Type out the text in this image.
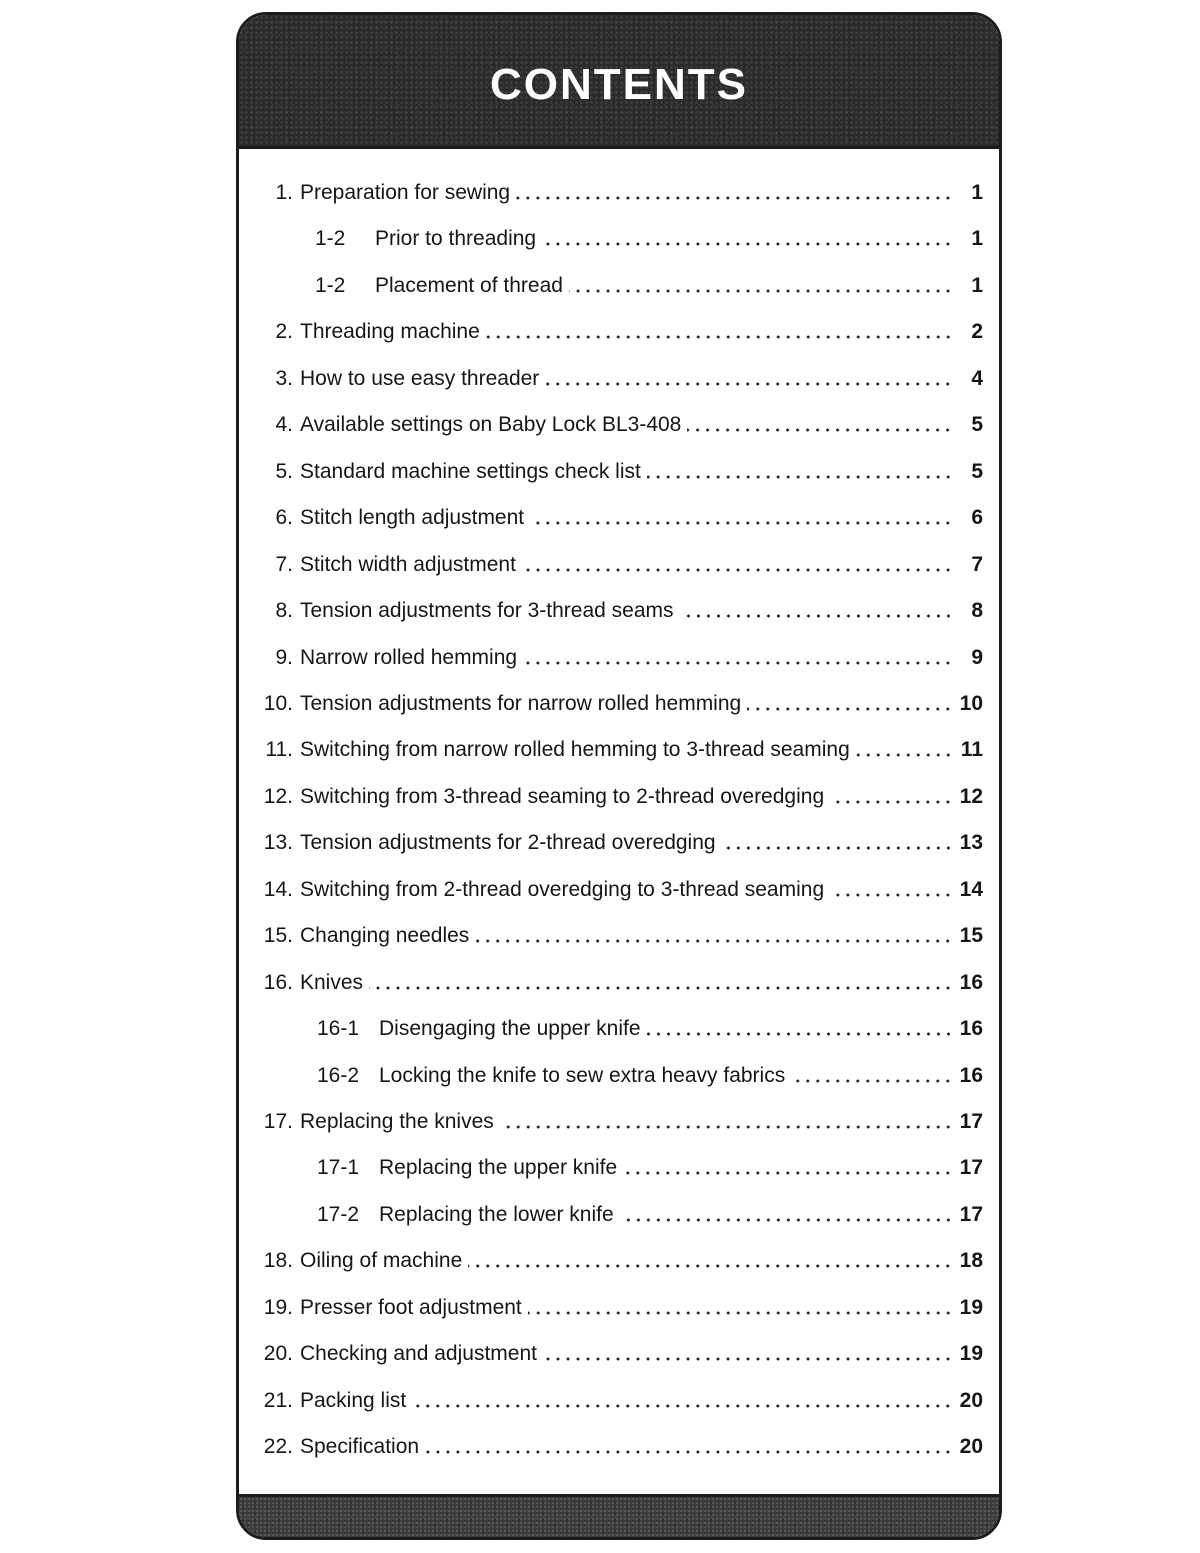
CONTENTS
1. Preparation for sewing	1
1-2	Prior to threading	1
1-2	Placement of thread	1
2. Threading machine	2
3. How to use easy threader	4
4. Available settings on Baby Lock BL3-408	5
5. Standard machine settings check list	5
6. Stitch length adjustment	6
7. Stitch width adjustment	7
8. Tension adjustments for 3-thread seams	8
9. Narrow rolled hemming	9
10. Tension adjustments for narrow rolled hemming	10
11. Switching from narrow rolled hemming to 3-thread seaming	11
12. Switching from 3-thread seaming to 2-thread overedging	12
13. Tension adjustments for 2-thread overedging	13
14. Switching from 2-thread overedging to 3-thread seaming	14
15. Changing needles	15
16. Knives	16
16-1 Disengaging the upper knife	16
16-2 Locking the knife to sew extra heavy fabrics	16
17. Replacing the knives	17
17-1 Replacing the upper knife	17
17-2 Replacing the lower knife	17
18. Oiling of machine	18
19. Presser foot adjustment	19
20. Checking and adjustment	19
21. Packing list	20
22. Specification	20
